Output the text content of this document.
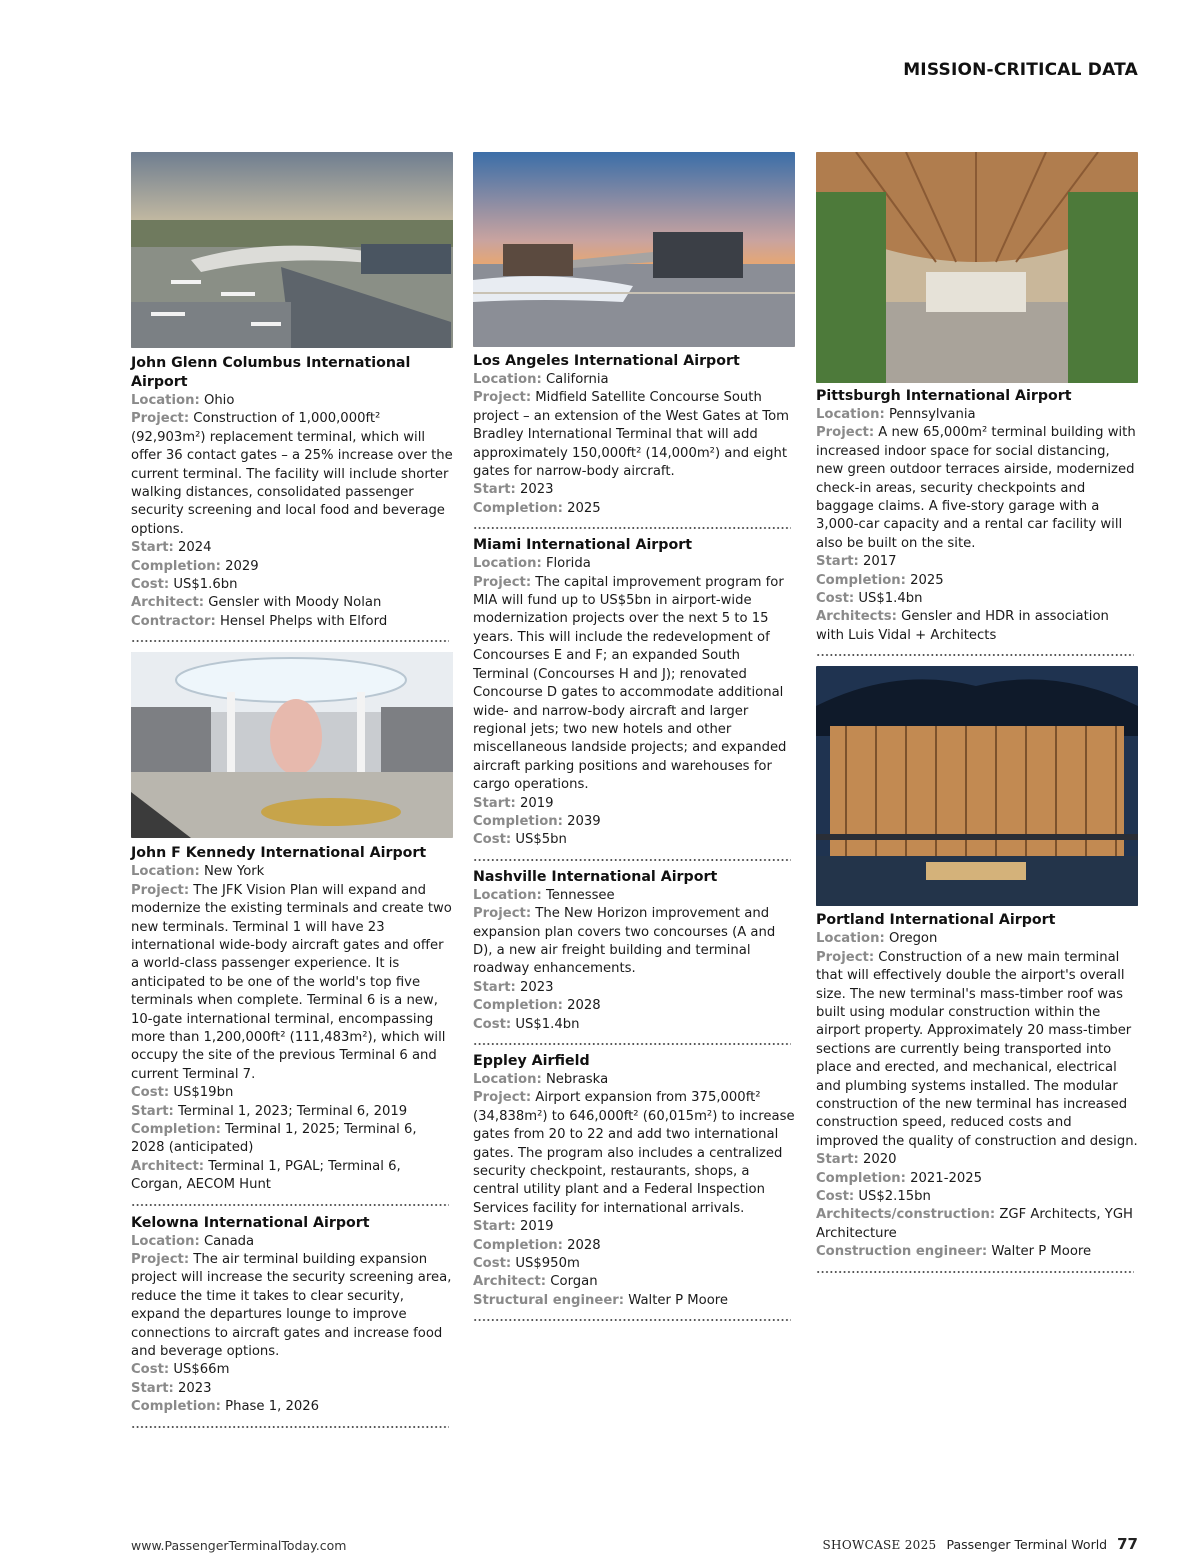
MISSION-CRITICAL DATA
John Glenn Columbus International Airport
Location: Ohio
Project: Construction of 1,000,000ft² (92,903m²) replacement terminal, which will offer 36 contact gates – a 25% increase over the current terminal. The facility will include shorter walking distances, consolidated passenger security screening and local food and beverage options.
Start: 2024
Completion: 2029
Cost: US$1.6bn
Architect: Gensler with Moody Nolan
Contractor: Hensel Phelps with Elford
John F Kennedy International Airport
Location: New York
Project: The JFK Vision Plan will expand and modernize the existing terminals and create two new terminals. Terminal 1 will have 23 international wide-body aircraft gates and offer a world-class passenger experience. It is anticipated to be one of the world's top five terminals when complete. Terminal 6 is a new, 10-gate international terminal, encompassing more than 1,200,000ft² (111,483m²), which will occupy the site of the previous Terminal 6 and current Terminal 7.
Cost: US$19bn
Start: Terminal 1, 2023; Terminal 6, 2019
Completion: Terminal 1, 2025; Terminal 6, 2028 (anticipated)
Architect: Terminal 1, PGAL; Terminal 6, Corgan, AECOM Hunt
Kelowna International Airport
Location: Canada
Project: The air terminal building expansion project will increase the security screening area, reduce the time it takes to clear security, expand the departures lounge to improve connections to aircraft gates and increase food and beverage options.
Cost: US$66m
Start: 2023
Completion: Phase 1, 2026
Los Angeles International Airport
Location: California
Project: Midfield Satellite Concourse South project – an extension of the West Gates at Tom Bradley International Terminal that will add approximately 150,000ft² (14,000m²) and eight gates for narrow-body aircraft.
Start: 2023
Completion: 2025
Miami International Airport
Location: Florida
Project: The capital improvement program for MIA will fund up to US$5bn in airport-wide modernization projects over the next 5 to 15 years. This will include the redevelopment of Concourses E and F; an expanded South Terminal (Concourses H and J); renovated Concourse D gates to accommodate additional wide- and narrow-body aircraft and larger regional jets; two new hotels and other miscellaneous landside projects; and expanded aircraft parking positions and warehouses for cargo operations.
Start: 2019
Completion: 2039
Cost: US$5bn
Nashville International Airport
Location: Tennessee
Project: The New Horizon improvement and expansion plan covers two concourses (A and D), a new air freight building and terminal roadway enhancements.
Start: 2023
Completion: 2028
Cost: US$1.4bn
Eppley Airfield
Location: Nebraska
Project: Airport expansion from 375,000ft² (34,838m²) to 646,000ft² (60,015m²) to increase gates from 20 to 22 and add two international gates. The program also includes a centralized security checkpoint, restaurants, shops, a central utility plant and a Federal Inspection Services facility for international arrivals.
Start: 2019
Completion: 2028
Cost: US$950m
Architect: Corgan
Structural engineer: Walter P Moore
Pittsburgh International Airport
Location: Pennsylvania
Project: A new 65,000m² terminal building with increased indoor space for social distancing, new green outdoor terraces airside, modernized check-in areas, security checkpoints and baggage claims. A five-story garage with a 3,000-car capacity and a rental car facility will also be built on the site.
Start: 2017
Completion: 2025
Cost: US$1.4bn
Architects: Gensler and HDR in association with Luis Vidal + Architects
Portland International Airport
Location: Oregon
Project: Construction of a new main terminal that will effectively double the airport's overall size. The new terminal's mass-timber roof was built using modular construction within the airport property. Approximately 20 mass-timber sections are currently being transported into place and erected, and mechanical, electrical and plumbing systems installed. The modular construction of the new terminal has increased construction speed, reduced costs and improved the quality of construction and design.
Start: 2020
Completion: 2021-2025
Cost: US$2.15bn
Architects/construction: ZGF Architects, YGH Architecture
Construction engineer: Walter P Moore
www.PassengerTerminalToday.com	SHOWCASE 2025 Passenger Terminal World 77
